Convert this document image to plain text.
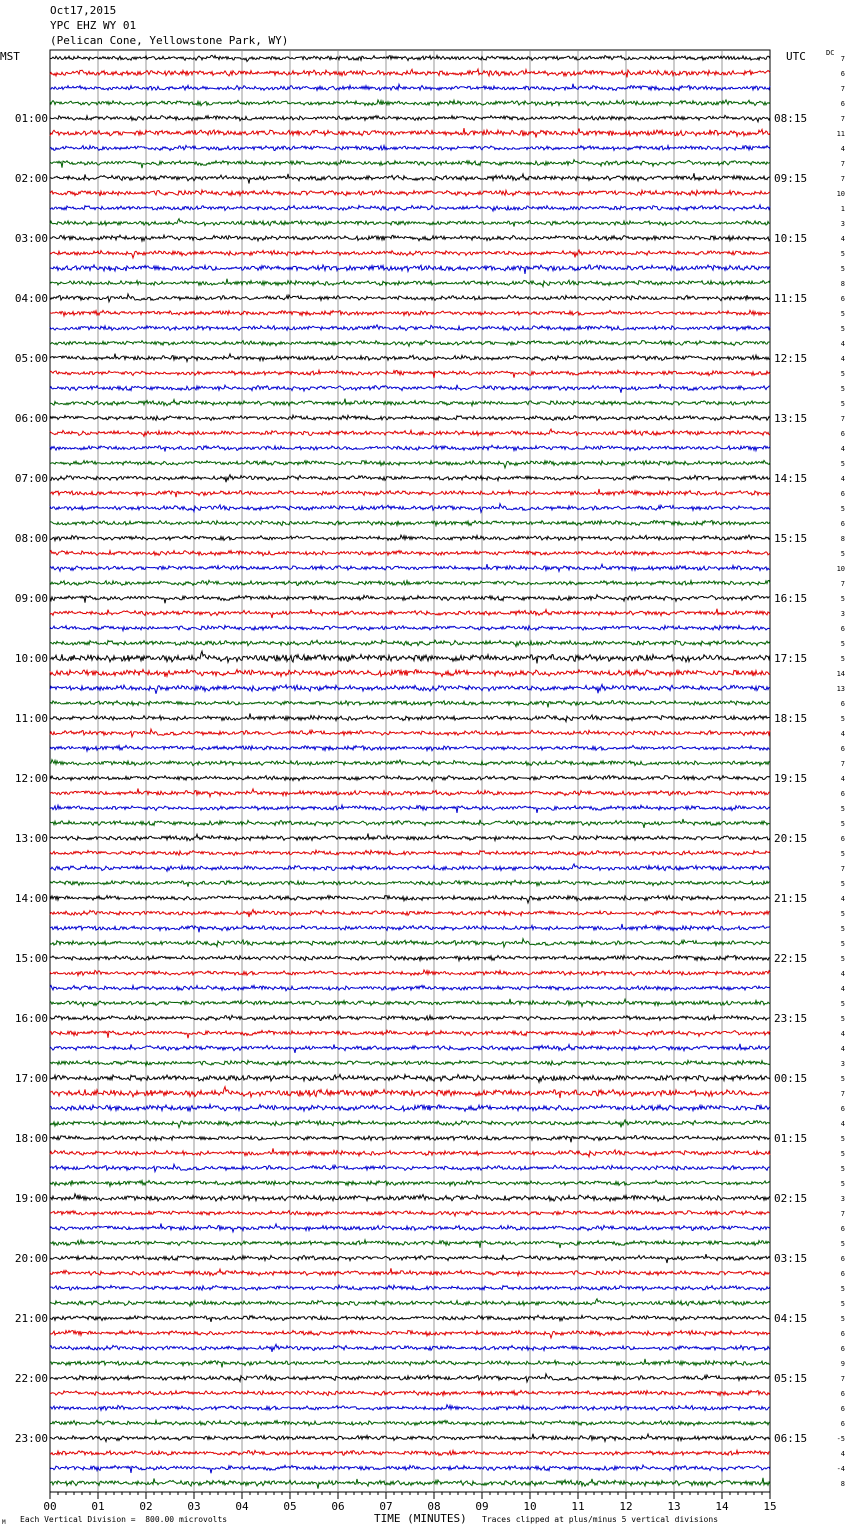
Oct17,2015
YPC EHZ WY 01
(Pelican Cone, Yellowstone Park, WY)
MST	UTC	DC
01:00
02:00
03:00
04:00
05:00
06:00
07:00
08:00
09:00
10:00
11:00
12:00
13:00
14:00
15:00
16:00
17:00
18:00
19:00
20:00
21:00
22:00
23:00
08:15
09:15
10:15
11:15
12:15
13:15
14:15
15:15
16:15
17:15
18:15
19:15
20:15
21:15
22:15
23:15
00:15
01:15
02:15
03:15
04:15
05:15
06:15
7
6
7
6
7
11
4
7
7
10
1
3
4
5
5
8
6
5
5
4
4
5
5
5
7
6
4
5
4
6
5
6
8
5
10
7
5
3
6
5
5
14
13
6
5
4
6
7
4
6
5
5
6
5
7
5
4
5
5
5
5
4
4
5
5
4
4
3
5
7
6
4
5
5
5
5
3
7
6
5
6
6
5
5
5
6
6
9
7
6
6
6
-5
4
-4
8
00	01	02	03	04	05	06	07	08	09	10	11	12	13	14	15
M Each Vertical Division =  800.00 microvolts	TIME (MINUTES) Traces clipped at plus/minus 5 vertical divisions
